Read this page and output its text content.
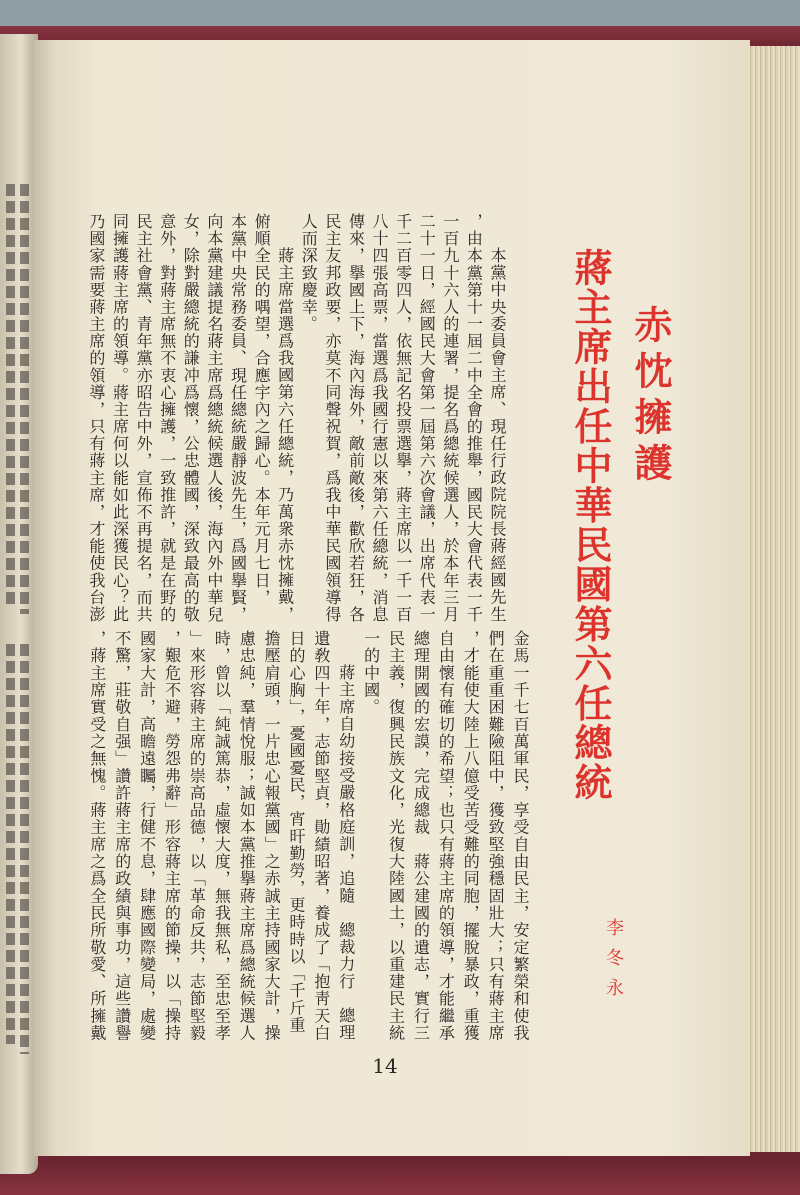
赤忱擁護
蔣主席出任中華民國第六任總統
李冬永
本黨中央委員會主席、現任行政院院長蔣經國先生
，由本黨第十一屆二中全會的推舉，國民大會代表一千
一百九十六人的連署，提名爲總統候選人，於本年三月
二十一日，經國民大會第一屆第六次會議，出席代表一
千二百零四人，依無記名投票選擧，蔣主席以一千一百
八十四張高票，當選爲我國行憲以來第六任總統，消息
傳來，擧國上下，海內海外，敵前敵後，歡欣若狂，各
民主友邦政要，亦莫不同聲祝賀，爲我中華民國領導得
人而深致慶幸。
蔣主席當選爲我國第六任總統，乃萬衆赤忱擁戴，
俯順全民的喁望，合應宇內之歸心。本年元月七日，
本黨中央常務委員、現任總統嚴靜波先生，爲國擧賢，
向本黨建議提名蔣主席爲總統候選人後，海內外中華兒
女，除對嚴總統的謙冲爲懷，公忠體國，深致最高的敬
意外，對蔣主席無不衷心擁護，一致推許，就是在野的
民主社會黨、青年黨亦昭告中外，宣佈不再提名，而共
同擁護蔣主席的領導。蔣主席何以能如此深獲民心？此
乃國家需要蔣主席的領導，只有蔣主席，才能使我台澎
金馬一千七百萬軍民，享受自由民主，安定繁榮和使我
們在重重困難險阻中，獲致堅強穩固壯大；只有蔣主席
，才能使大陸上八億受苦受難的同胞，擺脫暴政，重獲
自由懷有確切的希望；也只有蔣主席的領導，才能繼承
總理開國的宏謨，完成總裁　蔣公建國的遺志，實行三
民主義，復興民族文化，光復大陸國土，以重建民主統
一的中國。
蔣主席自幼接受嚴格庭訓，追隨　總裁力行　總理
遺敎四十年，志節堅貞，勛績昭著，養成了「抱靑天白
日的心胸」，憂國憂民，宵旰勤勞，更時時以「千斤重
擔壓肩頭，一片忠心報黨國」之赤誠主持國家大計，操
慮忠純，羣情悅服；誠如本黨推擧蔣主席爲總統候選人
時，曾以「純誠篤恭，虛懷大度，無我無私，至忠至孝
」來形容蔣主席的崇高品德，以「革命反共，志節堅毅
，艱危不避，勞怨弗辭」形容蔣主席的節操，以「操持
國家大計，高瞻遠矚，行健不息，肆應國際變局，處變
不驚，莊敬自强」讚許蔣主席的政績與事功，這些讚譽
，蔣主席實受之無愧。蔣主席之爲全民所敬愛、所擁戴
14
